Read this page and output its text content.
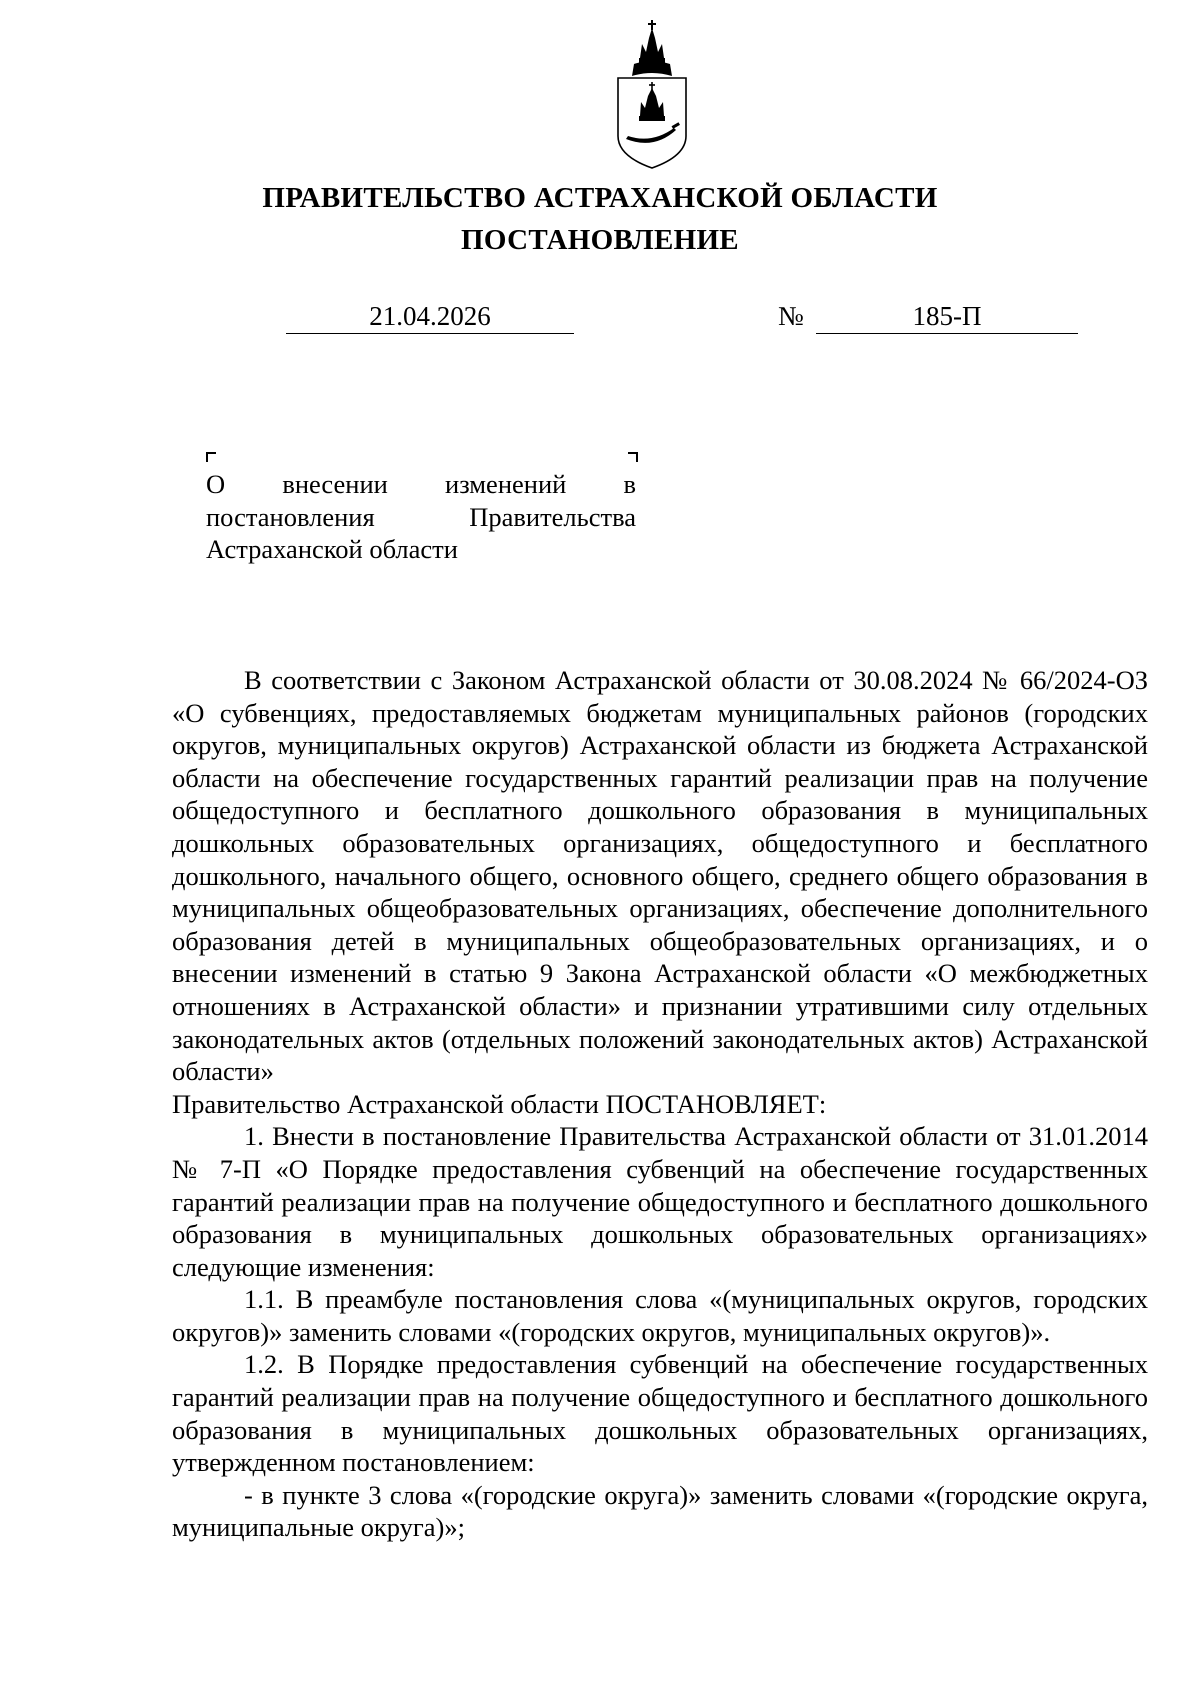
ПРАВИТЕЛЬСТВО АСТРАХАНСКОЙ ОБЛАСТИ
ПОСТАНОВЛЕНИЕ
21.04.2026	№	185-П
О внесении изменений в постановления Правительства Астраханской области

В соответствии с Законом Астраханской области от 30.08.2024 № 66/2024-ОЗ «О субвенциях, предоставляемых бюджетам муниципальных районов (городских округов, муниципальных округов) Астраханской области из бюджета Астраханской области на обеспечение государственных гарантий реализации прав на получение общедоступного и бесплатного дошкольного образования в муниципальных дошкольных образовательных организациях, общедоступного и бесплатного дошкольного, начального общего, основного общего, среднего общего образования в муниципальных общеобразовательных организациях, обеспечение дополнительного образования детей в муниципальных общеобразовательных организациях, и о внесении изменений в статью 9 Закона Астраханской области «О межбюджетных отношениях в Астраханской области» и признании утратившими силу отдельных законодательных актов (отдельных положений законодательных актов) Астраханской области»

Правительство Астраханской области ПОСТАНОВЛЯЕТ:

1. Внести в постановление Правительства Астраханской области от 31.01.2014 № 7-П «О Порядке предоставления субвенций на обеспечение государственных гарантий реализации прав на получение общедоступного и бесплатного дошкольного образования в муниципальных дошкольных образовательных организациях» следующие изменения:

1.1. В преамбуле постановления слова «(муниципальных округов, городских округов)» заменить словами «(городских округов, муниципальных округов)».

1.2. В Порядке предоставления субвенций на обеспечение государственных гарантий реализации прав на получение общедоступного и бесплатного дошкольного образования в муниципальных дошкольных образовательных организациях, утвержденном постановлением:

- в пункте 3 слова «(городские округа)» заменить словами «(городские округа, муниципальные округа)»;
